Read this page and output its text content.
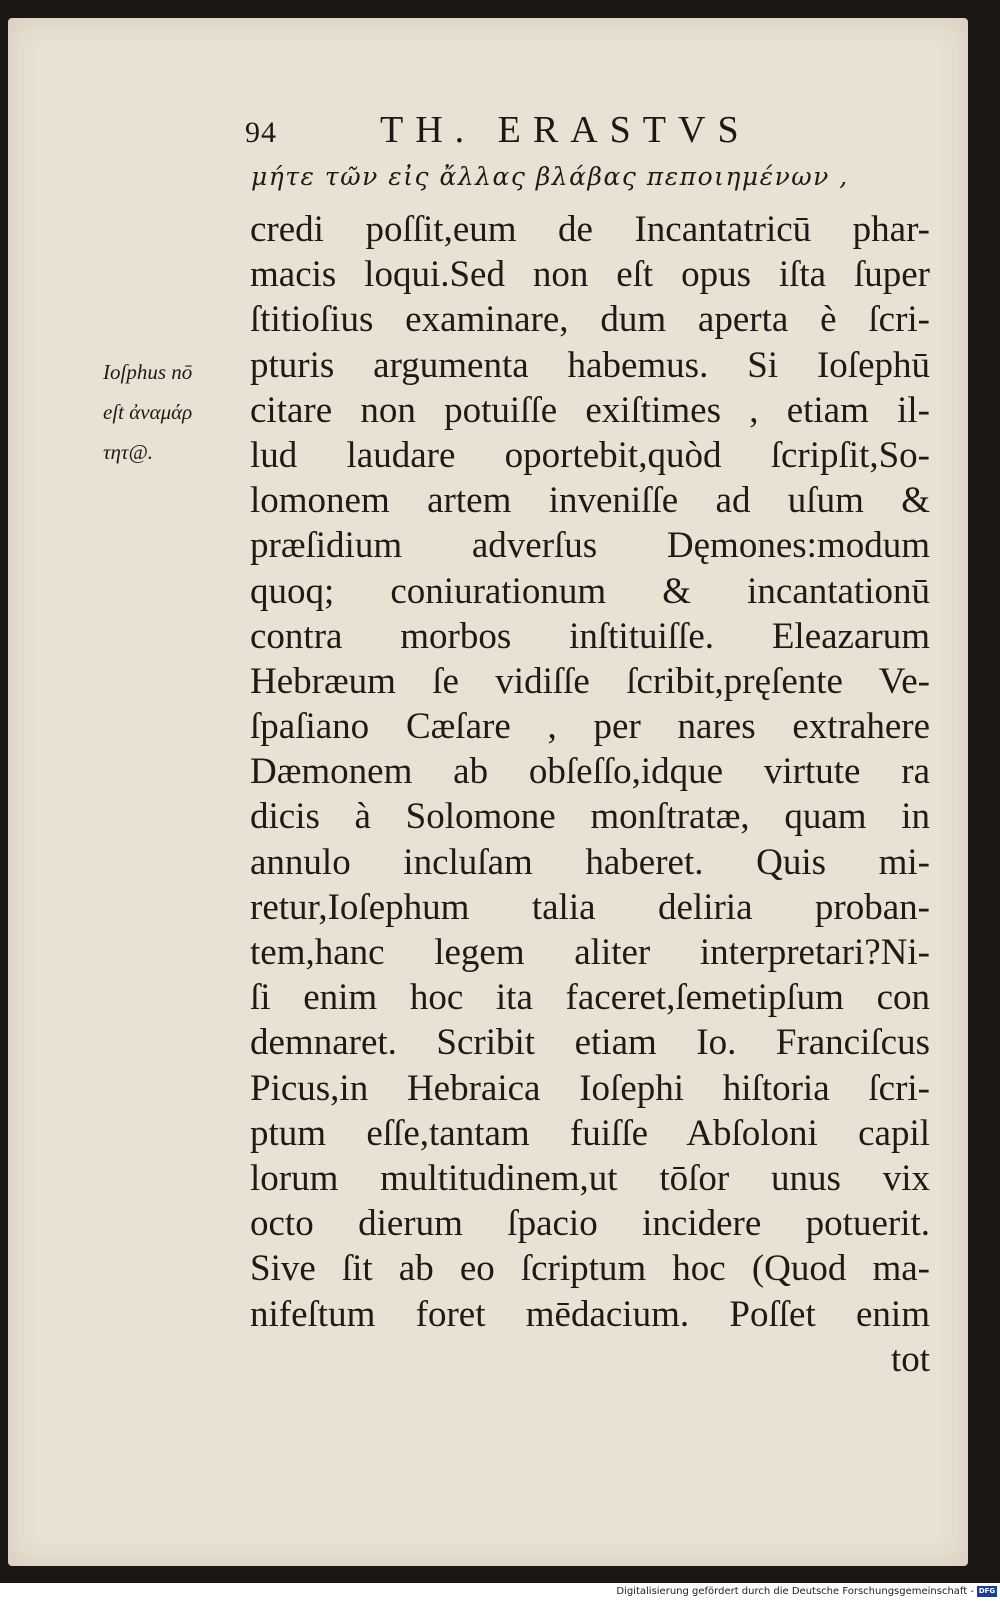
94	TH. ERASTVS
μήτε τῶν εἰς ἄλλας βλάβας πεποιημένων ,
Ioſphus nō
eſt ἀναμάρ
τητ@.
credi poſſit,eum de Incantatricū phar-
macis loqui.Sed non eſt opus iſta ſuper
ſtitioſius examinare, dum aperta è ſcri-
pturis argumenta habemus. Si Ioſephū
citare non potuiſſe exiſtimes , etiam il-
lud laudare oportebit,quòd ſcripſit,So-
lomonem artem inveniſſe ad uſum &
præſidium adverſus Dęmones:modum
quoq; coniurationum & incantationū
contra morbos inſtituiſſe. Eleazarum
Hebræum ſe vidiſſe ſcribit,pręſente Ve-
ſpaſiano Cæſare , per nares extrahere
Dæmonem ab obſeſſo,idque virtute ra
dicis à Solomone monſtratæ, quam in
annulo incluſam haberet. Quis mi-
retur,Ioſephum talia deliria proban-
tem,hanc legem aliter interpretari?Ni-
ſi enim hoc ita faceret,ſemetipſum con
demnaret. Scribit etiam Io. Franciſcus
Picus,in Hebraica Ioſephi hiſtoria ſcri-
ptum eſſe,tantam fuiſſe Abſoloni capil
lorum multitudinem,ut tōſor unus vix
octo dierum ſpacio incidere potuerit.
Sive ſit ab eo ſcriptum hoc (Quod ma-
nifeſtum foret mēdacium. Poſſet enim
tot
Digitalisierung gefördert durch die Deutsche Forschungsgemeinschaft - DFG
